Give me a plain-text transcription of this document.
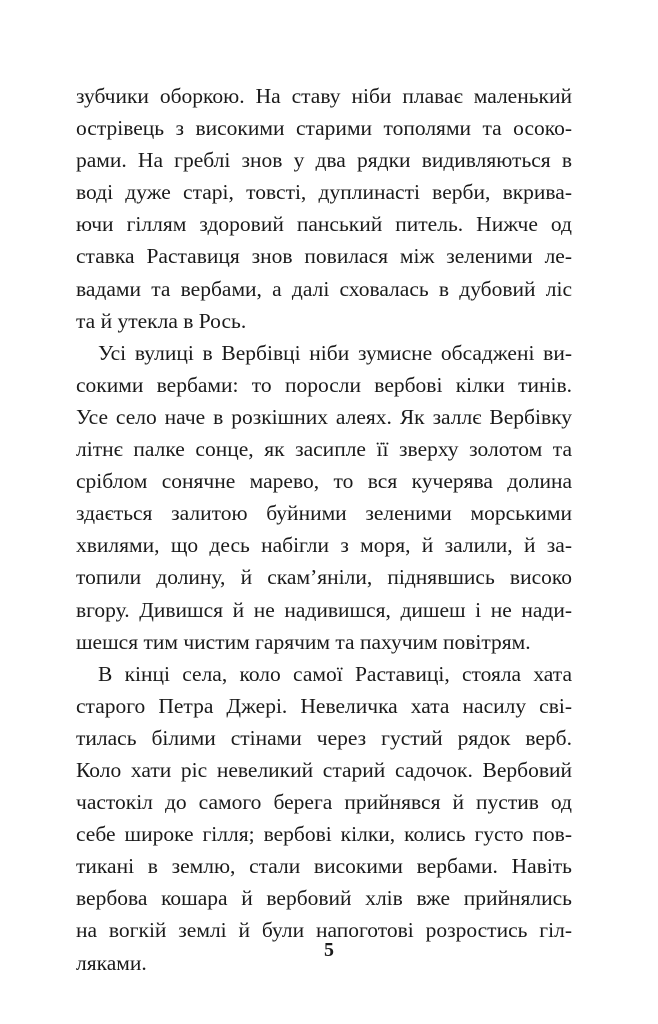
зубчики оборкою. На ставу ніби плаває маленький
острівець з високими старими тополями та осоко-
рами. На греблі знов у два рядки видивляються в
воді дуже старі, товсті, дуплинасті верби, вкрива-
ючи гіллям здоровий панський питель. Нижче од
ставка Раставиця знов повилася між зеленими ле-
вадами та вербами, а далі сховалась в дубовий ліс
та й утекла в Рось.
Усі вулиці в Вербівці ніби зумисне обсаджені ви-
сокими вербами: то поросли вербові кілки тинів.
Усе село наче в розкішних алеях. Як заллє Вербівку
літнє палке сонце, як засипле її зверху золотом та
сріблом сонячне марево, то вся кучерява долина
здається залитою буйними зеленими морськими
хвилями, що десь набігли з моря, й залили, й за-
топили долину, й скам’яніли, піднявшись високо
вгору. Дивишся й не надивишся, дишеш і не нади-
шешся тим чистим гарячим та пахучим повітрям.
В кінці села, коло самої Раставиці, стояла хата
старого Петра Джері. Невеличка хата насилу сві-
тилась білими стінами через густий рядок верб.
Коло хати ріс невеликий старий садочок. Вербовий
частокіл до самого берега прийнявся й пустив од
себе широке гілля; вербові кілки, колись густо пов-
тикані в землю, стали високими вербами. Навіть
вербова кошара й вербовий хлів вже прийнялись
на вогкій землі й були напоготові розростись гіл-
ляками.
5
